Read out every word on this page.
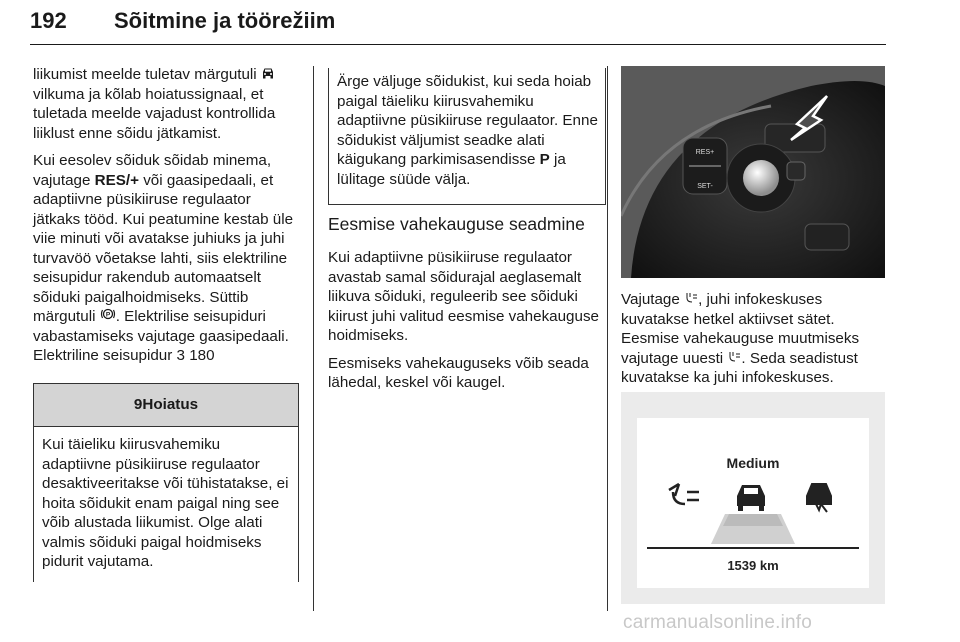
192 Sõitmine ja töörežiim

liikumist meelde tuletav märgutuli  vilkuma ja kõlab hoiatussignaal, et tuletada meelde vajadust kontrollida liiklust enne sõidu jätkamist.

Kui eesolev sõiduk sõidab minema, vajutage RES/+ või gaasipedaali, et adaptiivne püsikiiruse regulaator jätkaks tööd. Kui peatumine kestab üle viie minuti või avatakse juhiuks ja juhi turvavöö võetakse lahti, siis elektriline seisupidur rakendub automaatselt sõiduki paigalhoidmiseks. Süttib märgutuli P . Elektrilise seisupiduri vabastamiseks vajutage gaasipedaali. Elektriline seisupidur 3 180

9Hoiatus
Kui täieliku kiirusvahemiku adaptiivne püsikiiruse regulaator desaktiveeritakse või tühistatakse, ei hoita sõidukit enam paigal ning see võib alustada liikumist. Olge alati valmis sõiduki paigal hoidmiseks pidurit vajutama.
Ärge väljuge sõidukist, kui seda hoiab paigal täieliku kiirusvahemiku adaptiivne püsikiiruse regulaator. Enne sõidukist väljumist seadke alati käigukang parkimisasendisse P ja lülitage süüde välja.
Eesmise vahekauguse seadmine

Kui adaptiivne püsikiiruse regulaator avastab samal sõidurajal aeglasemalt liikuva sõiduki, reguleerib see sõiduki kiirust juhi valitud eesmise vahekauguse hoidmiseks.

Eesmiseks vahekauguseks võib seada lähedal, keskel või kaugel.

RES+
SET-
Vajutage , juhi infokeskuses kuvatakse hetkel aktiivset sätet. Eesmise vahekauguse muutmiseks vajutage uuesti . Seda seadistust kuvatakse ka juhi infokeskuses.
Medium
1539 km
carmanualsonline.info
